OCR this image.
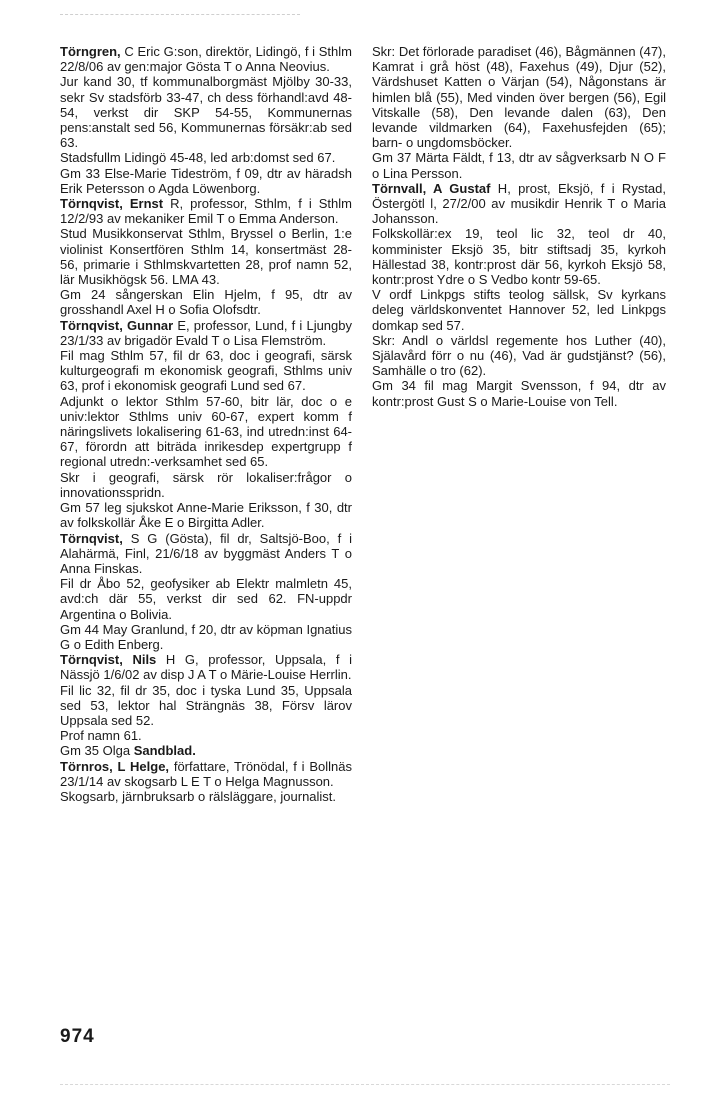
Törngren, C Eric G:son, direktör, Lidingö, f i Sthlm 22/8/06 av gen:major Gösta T o Anna Neovius.

Jur kand 30, tf kommunalborgmäst Mjölby 30-33, sekr Sv stadsförb 33-47, ch dess förhandl:avd 48-54, verkst dir SKP 54-55, Kommunernas pens:anstalt sed 56, Kommunernas försäkr:ab sed 63.

Stadsfullm Lidingö 45-48, led arb:domst sed 67.

Gm 33 Else-Marie Tideström, f 09, dtr av häradsh Erik Petersson o Agda Löwenborg.

Törnqvist, Ernst R, professor, Sthlm, f i Sthlm 12/2/93 av mekaniker Emil T o Emma Anderson.

Stud Musikkonservat Sthlm, Bryssel o Berlin, 1:e violinist Konsertfören Sthlm 14, konsertmäst 28-56, primarie i Sthlmskvartetten 28, prof namn 52, lär Musikhögsk 56. LMA 43.

Gm 24 sångerskan Elin Hjelm, f 95, dtr av grosshandl Axel H o Sofia Olofsdtr.

Törnqvist, Gunnar E, professor, Lund, f i Ljungby 23/1/33 av brigadör Evald T o Lisa Flemström.

Fil mag Sthlm 57, fil dr 63, doc i geografi, särsk kulturgeografi m ekonomisk geografi, Sthlms univ 63, prof i ekonomisk geografi Lund sed 67.

Adjunkt o lektor Sthlm 57-60, bitr lär, doc o e univ:lektor Sthlms univ 60-67, expert komm f näringslivets lokalisering 61-63, ind utredn:inst 64-67, förordn att biträda inrikesdep expertgrupp f regional utredn:-verksamhet sed 65.

Skr i geografi, särsk rör lokaliser:frågor o innovationsspridn.

Gm 57 leg sjukskot Anne-Marie Eriksson, f 30, dtr av folkskollär Åke E o Birgitta Adler.

Törnqvist, S G (Gösta), fil dr, Saltsjö-Boo, f i Alahärmä, Finl, 21/6/18 av byggmäst Anders T o Anna Finskas.

Fil dr Åbo 52, geofysiker ab Elektr malmletn 45, avd:ch där 55, verkst dir sed 62. FN-uppdr Argentina o Bolivia.

Gm 44 May Granlund, f 20, dtr av köpman Ignatius G o Edith Enberg.

Törnqvist, Nils H G, professor, Uppsala, f i Nässjö 1/6/02 av disp J A T o Märie-Louise Herrlin.

Fil lic 32, fil dr 35, doc i tyska Lund 35, Uppsala sed 53, lektor hal Strängnäs 38, Försv lärov Uppsala sed 52.

Prof namn 61.

Gm 35 Olga Sandblad.

Törnros, L Helge, författare, Trönödal, f i Bollnäs 23/1/14 av skogsarb L E T o Helga Magnusson.

Skogsarb, järnbruksarb o rälsläggare, journalist.

Skr: Det förlorade paradiset (46), Bågmännen (47), Kamrat i grå höst (48), Faxehus (49), Djur (52), Värdshuset Katten o Värjan (54), Någonstans är himlen blå (55), Med vinden över bergen (56), Egil Vitskalle (58), Den levande dalen (63), Den levande vildmarken (64), Faxehusfejden (65); barn- o ungdomsböcker.

Gm 37 Märta Fäldt, f 13, dtr av sågverksarb N O F o Lina Persson.

Törnvall, A Gustaf H, prost, Eksjö, f i Rystad, Östergötl l, 27/2/00 av musikdir Henrik T o Maria Johansson.

Folkskollär:ex 19, teol lic 32, teol dr 40, komminister Eksjö 35, bitr stiftsadj 35, kyrkoh Hällestad 38, kontr:prost där 56, kyrkoh Eksjö 58, kontr:prost Ydre o S Vedbo kontr 59-65.

V ordf Linkpgs stifts teolog sällsk, Sv kyrkans deleg världskonventet Hannover 52, led Linkpgs domkap sed 57.

Skr: Andl o världsl regemente hos Luther (40), Själavård förr o nu (46), Vad är gudstjänst? (56), Samhälle o tro (62).

Gm 34 fil mag Margit Svensson, f 94, dtr av kontr:prost Gust S o Marie-Louise von Tell.

974
